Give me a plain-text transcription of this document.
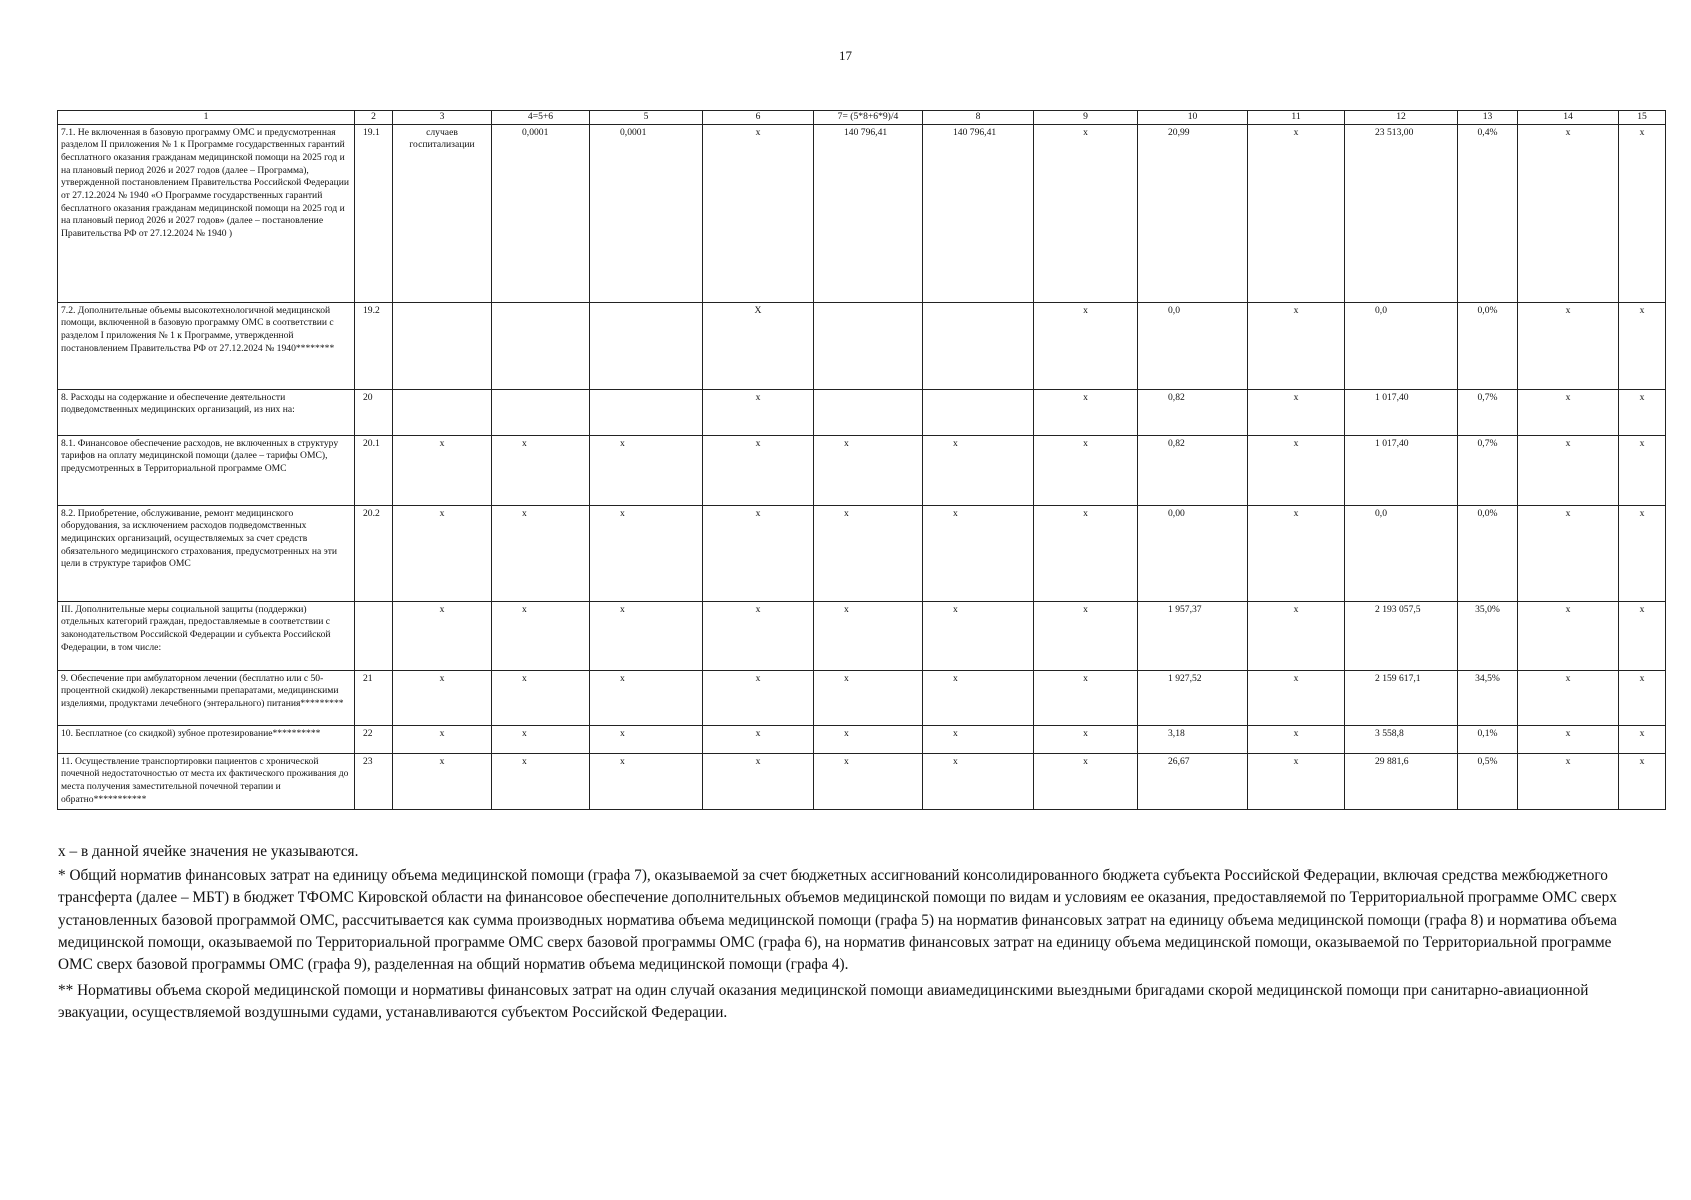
17
1	2	3	4=5+6	5	6	7= (5*8+6*9)/4	8	9	10	11	12	13	14	15
7.1. Не включенная в базовую программу ОМС и предусмотренная разделом II приложения № 1 к Программе государственных гарантий бесплатного оказания гражданам медицинской помощи на 2025 год и на плановый период 2026 и 2027 годов (далее – Программа), утвержденной постановлением Правительства Российской Федерации от 27.12.2024 № 1940 «О Программе государственных гарантий бесплатного оказания гражданам медицинской помощи на 2025 год и на плановый период 2026 и 2027 годов» (далее – постановление Правительства РФ от 27.12.2024 № 1940 )	19.1	случаев госпитализации	0,0001	0,0001	x	140 796,41	140 796,41	x	20,99	x	23 513,00	0,4%	x	x
7.2. Дополнительные объемы высокотехнологичной медицинской помощи, включенной в базовую программу ОМС в соответствии с разделом I приложения № 1 к Программе, утвержденной постановлением Правительства РФ от 27.12.2024 № 1940********	19.2				X			x	0,0	x	0,0	0,0%	x	x
8. Расходы на содержание и обеспечение деятельности подведомственных медицинских организаций, из них на:	20				x			x	0,82	x	1 017,40	0,7%	x	x
8.1. Финансовое обеспечение расходов, не включенных в структуру тарифов на оплату медицинской помощи (далее – тарифы ОМС), предусмотренных в Территориальной программе ОМС	20.1	x	x	x	x	x	x	x	0,82	x	1 017,40	0,7%	x	x
8.2. Приобретение, обслуживание, ремонт медицинского оборудования, за исключением расходов подведомственных медицинских организаций, осуществляемых за счет средств обязательного медицинского страхования, предусмотренных на эти цели в структуре тарифов ОМС	20.2	x	x	x	x	x	x	x	0,00	x	0,0	0,0%	x	x
III. Дополнительные меры социальной защиты (поддержки) отдельных категорий граждан, предоставляемые в соответствии с законодательством Российской Федерации и субъекта Российской Федерации, в том числе:		x	x	x	x	x	x	x	1 957,37	x	2 193 057,5	35,0%	x	x
9. Обеспечение при амбулаторном лечении (бесплатно или с 50-процентной скидкой) лекарственными препаратами, медицинскими изделиями, продуктами лечебного (энтерального) питания*********	21	x	x	x	x	x	x	x	1 927,52	x	2 159 617,1	34,5%	x	x
10. Бесплатное (со скидкой) зубное протезирование**********	22	x	x	x	x	x	x	x	3,18	x	3 558,8	0,1%	x	x
11. Осуществление транспортировки пациентов с хронической почечной недостаточностью от места их фактического проживания до места получения заместительной почечной терапии и обратно***********	23	x	x	x	x	x	x	x	26,67	x	29 881,6	0,5%	x	x

x – в данной ячейке значения не указываются.

* Общий норматив финансовых затрат на единицу объема медицинской помощи (графа 7), оказываемой за счет бюджетных ассигнований консолидированного бюджета субъекта Российской Федерации, включая средства межбюджетного трансферта (далее – МБТ) в бюджет ТФОМС Кировской области на финансовое обеспечение дополнительных объемов медицинской помощи по видам и условиям ее оказания, предоставляемой по Территориальной программе ОМС сверх установленных базовой программой ОМС, рассчитывается как сумма производных норматива объема медицинской помощи (графа 5) на норматив финансовых затрат на единицу объема медицинской помощи (графа 8) и норматива объема медицинской помощи, оказываемой по Территориальной программе ОМС сверх базовой программы ОМС (графа 6), на норматив финансовых затрат на единицу объема медицинской помощи, оказываемой по Территориальной программе ОМС сверх базовой программы ОМС (графа 9), разделенная на общий норматив объема медицинской помощи (графа 4).

** Нормативы объема скорой медицинской помощи и нормативы финансовых затрат на один случай оказания медицинской помощи авиамедицинскими выездными бригадами скорой медицинской помощи при санитарно-авиационной эвакуации, осуществляемой воздушными судами, устанавливаются субъектом Российской Федерации.
